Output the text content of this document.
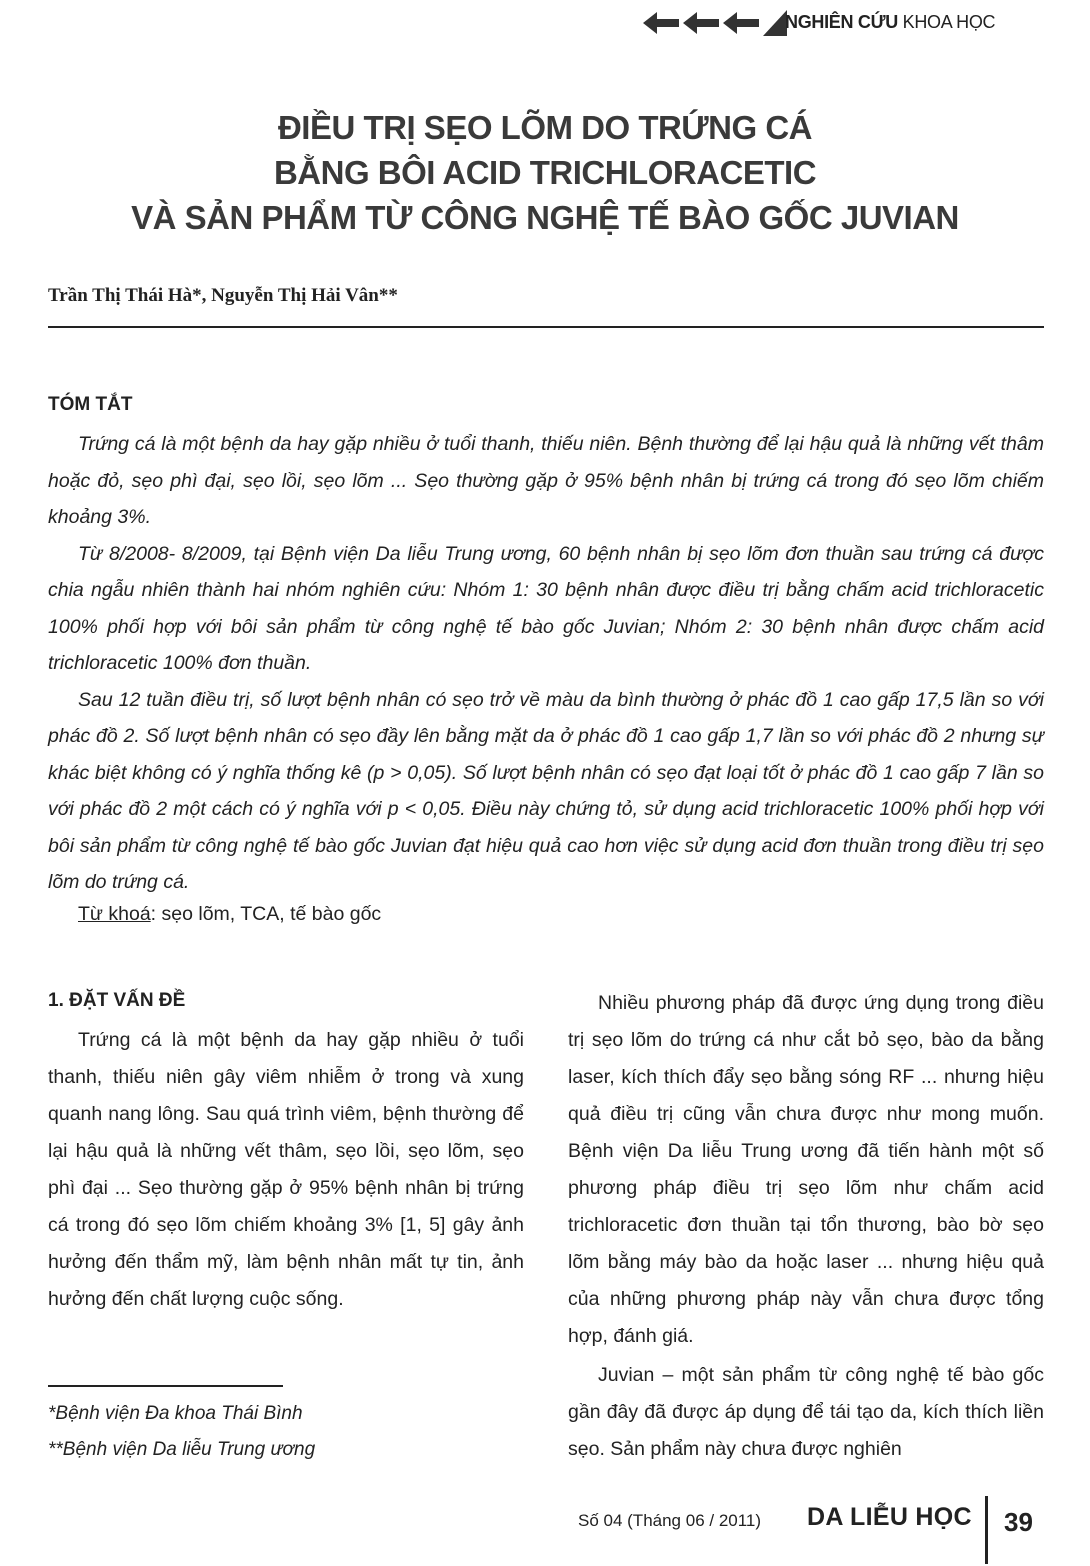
NGHIÊN CỨU KHOA HỌC
ĐIỀU TRỊ SẸO LÕM DO TRỨNG CÁ
BẰNG BÔI ACID TRICHLORACETIC
VÀ SẢN PHẨM TỪ CÔNG NGHỆ TẾ BÀO GỐC JUVIAN
Trần Thị Thái Hà*, Nguyễn Thị Hải Vân**
TÓM TẮT

Trứng cá là một bệnh da hay gặp nhiều ở tuổi thanh, thiếu niên. Bệnh thường để lại hậu quả là những vết thâm hoặc đỏ, sẹo phì đại, sẹo lồi, sẹo lõm ... Sẹo thường gặp ở 95% bệnh nhân bị trứng cá trong đó sẹo lõm chiếm khoảng 3%.

Từ 8/2008- 8/2009, tại Bệnh viện Da liễu Trung ương, 60 bệnh nhân bị sẹo lõm đơn thuần sau trứng cá được chia ngẫu nhiên thành hai nhóm nghiên cứu: Nhóm 1: 30 bệnh nhân được điều trị bằng chấm acid trichloracetic 100% phối hợp với bôi sản phẩm từ công nghệ tế bào gốc Juvian; Nhóm 2: 30 bệnh nhân được chấm acid trichloracetic 100% đơn thuần.

Sau 12 tuần điều trị, số lượt bệnh nhân có sẹo trở về màu da bình thường ở phác đồ 1 cao gấp 17,5 lần so với phác đồ 2. Số lượt bệnh nhân có sẹo đầy lên bằng mặt da ở phác đồ 1 cao gấp 1,7 lần so với phác đồ 2 nhưng sự khác biệt không có ý nghĩa thống kê (p > 0,05). Số lượt bệnh nhân có sẹo đạt loại tốt ở phác đồ 1 cao gấp 7 lần so với phác đồ 2 một cách có ý nghĩa với p < 0,05. Điều này chứng tỏ, sử dụng acid trichloracetic 100% phối hợp với bôi sản phẩm từ công nghệ tế bào gốc Juvian đạt hiệu quả cao hơn việc sử dụng acid đơn thuần trong điều trị sẹo lõm do trứng cá.

Từ khoá: sẹo lõm, TCA, tế bào gốc
1. ĐẶT VẤN ĐỀ

Trứng cá là một bệnh da hay gặp nhiều ở tuổi thanh, thiếu niên gây viêm nhiễm ở trong và xung quanh nang lông. Sau quá trình viêm, bệnh thường để lại hậu quả là những vết thâm, sẹo lồi, sẹo lõm, sẹo phì đại ... Sẹo thường gặp ở 95% bệnh nhân bị trứng cá trong đó sẹo lõm chiếm khoảng 3% [1, 5] gây ảnh hưởng đến thẩm mỹ, làm bệnh nhân mất tự tin, ảnh hưởng đến chất lượng cuộc sống.

Nhiều phương pháp đã được ứng dụng trong điều trị sẹo lõm do trứng cá như cắt bỏ sẹo, bào da bằng laser, kích thích đẩy sẹo bằng sóng RF ... nhưng hiệu quả điều trị cũng vẫn chưa được như mong muốn. Bệnh viện Da liễu Trung ương đã tiến hành một số phương pháp điều trị sẹo lõm như chấm acid trichloracetic đơn thuần tại tổn thương, bào bờ sẹo lõm bằng máy bào da hoặc laser ... nhưng hiệu quả của những phương pháp này vẫn chưa được tổng hợp, đánh giá.

Juvian – một sản phẩm từ công nghệ tế bào gốc gần đây đã được áp dụng để tái tạo da, kích thích liền sẹo. Sản phẩm này chưa được nghiên

*Bệnh viện Đa khoa Thái Bình
**Bệnh viện Da liễu Trung ương
Số 04 (Tháng 06 / 2011) DA LIỄU HỌC 39
